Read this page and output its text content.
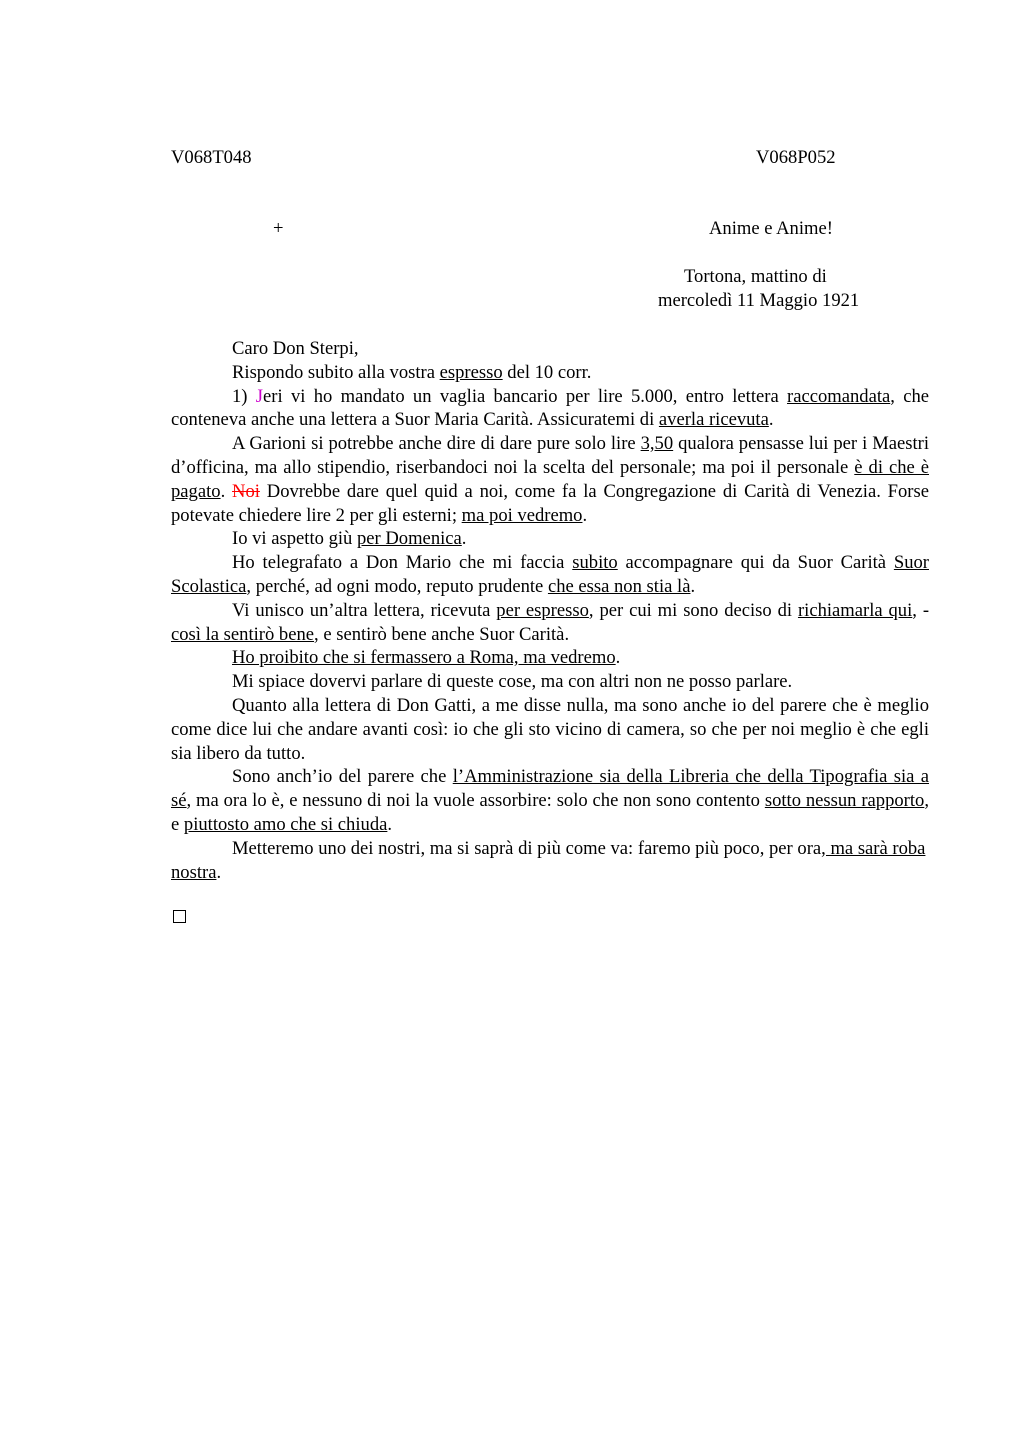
V068T048	V068P052
+	Anime e Anime!
Tortona, mattino di
mercoledì 11 Maggio 1921

Caro Don Sterpi,

Rispondo subito alla vostra espresso del 10 corr.

1) Jeri vi ho mandato un vaglia bancario per lire 5.000, entro lettera raccomandata, che conteneva anche una lettera a Suor Maria Carità. Assicuratemi di averla ricevuta.

A Garioni si potrebbe anche dire di dare pure solo lire 3,50 qualora pensasse lui per i Maestri d’officina, ma allo stipendio, riserbandoci noi la scelta del personale; ma poi il personale è di che è pagato. Noi Dovrebbe dare quel quid a noi, come fa la Congregazione di Carità di Venezia. Forse potevate chiedere lire 2 per gli esterni; ma poi vedremo.

Io vi aspetto giù per Domenica.

Ho telegrafato a Don Mario che mi faccia subito accompagnare qui da Suor Carità Suor Scolastica, perché, ad ogni modo, reputo prudente che essa non stia là.

Vi unisco un’altra lettera, ricevuta per espresso, per cui mi sono deciso di richiamarla qui, - così la sentirò bene, e sentirò bene anche Suor Carità.

Ho proibito che si fermassero a Roma, ma vedremo.

Mi spiace dovervi parlare di queste cose, ma con altri non ne posso parlare.

Quanto alla lettera di Don Gatti, a me disse nulla, ma sono anche io del parere che è meglio come dice lui che andare avanti così: io che gli sto vicino di camera, so che per noi meglio è che egli sia libero da tutto.

Sono anch’io del parere che l’Amministrazione sia della Libreria che della Tipografia sia a sé, ma ora lo è, e nessuno di noi la vuole assorbire: solo che non sono contento sotto nessun rapporto, e piuttosto amo che si chiuda.

Metteremo uno dei nostri, ma si saprà di più come va: faremo più poco, per ora, ma sarà roba nostra.
